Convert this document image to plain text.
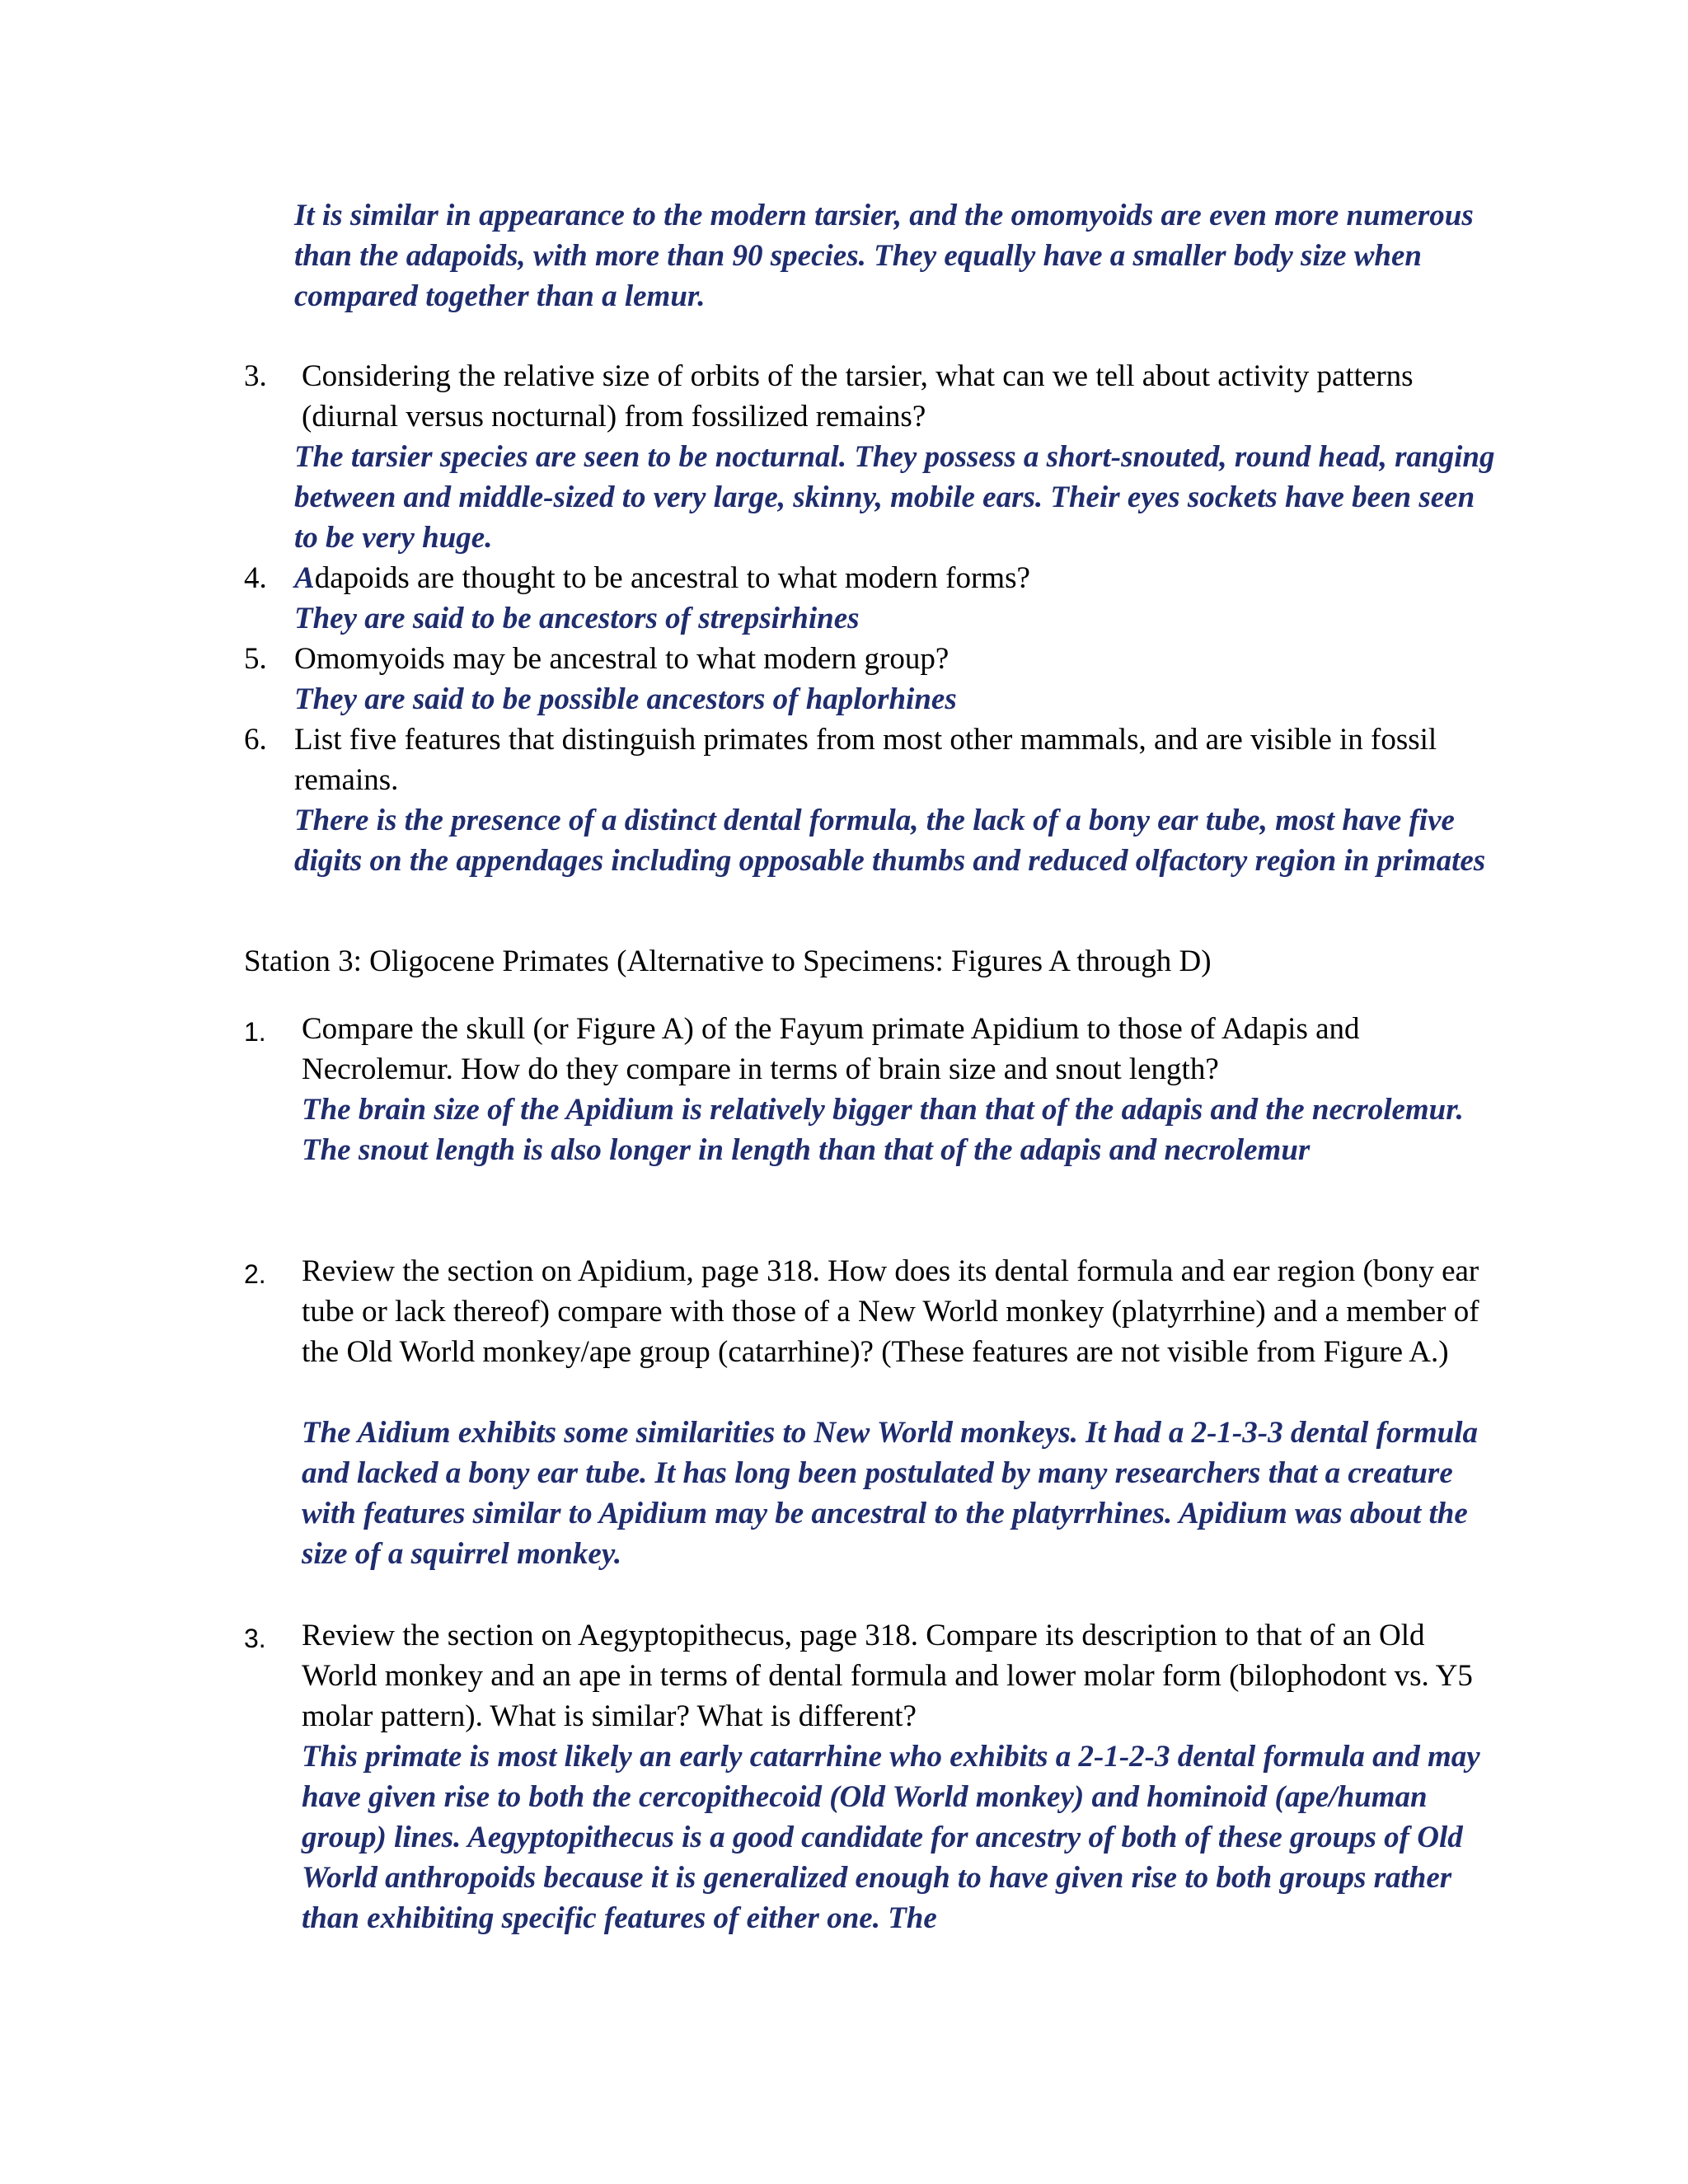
It is similar in appearance to the modern tarsier, and the omomyoids are even more numerous than the adapoids, with more than 90 species. They equally have a smaller body size when compared together than a lemur.

3. Considering the relative size of orbits of the tarsier, what can we tell about activity patterns (diurnal versus nocturnal) from fossilized remains?

The tarsier species are seen to be nocturnal. They possess a short-snouted, round head, ranging between and middle-sized to very large, skinny, mobile ears. Their eyes sockets have been seen to be very huge.

4. Adapoids are thought to be ancestral to what modern forms?

They are said to be ancestors of strepsirhines

5. Omomyoids may be ancestral to what modern group?

They are said to be possible ancestors of haplorhines

6. List five features that distinguish primates from most other mammals, and are visible in fossil remains.

There is the presence of a distinct dental formula, the lack of a bony ear tube, most have five digits on the appendages including opposable thumbs and reduced olfactory region in primates

Station 3: Oligocene Primates (Alternative to Specimens: Figures A through D)

1. Compare the skull (or Figure A) of the Fayum primate Apidium to those of Adapis and Necrolemur. How do they compare in terms of brain size and snout length?

The brain size of the Apidium is relatively bigger than that of the adapis and the necrolemur. The snout length is also longer in length than that of the adapis and necrolemur

2. Review the section on Apidium, page 318. How does its dental formula and ear region (bony ear tube or lack thereof) compare with those of a New World monkey (platyrrhine) and a member of the Old World monkey/ape group (catarrhine)? (These features are not visible from Figure A.)

The Aidium exhibits some similarities to New World monkeys. It had a 2-1-3-3 dental formula and lacked a bony ear tube. It has long been postulated by many researchers that a creature with features similar to Apidium may be ancestral to the platyrrhines. Apidium was about the size of a squirrel monkey.

3. Review the section on Aegyptopithecus, page 318. Compare its description to that of an Old World monkey and an ape in terms of dental formula and lower molar form (bilophodont vs. Y5 molar pattern). What is similar? What is different?

This primate is most likely an early catarrhine who exhibits a 2-1-2-3 dental formula and may have given rise to both the cercopithecoid (Old World monkey) and hominoid (ape/human group) lines. Aegyptopithecus is a good candidate for ancestry of both of these groups of Old World anthropoids because it is generalized enough to have given rise to both groups rather than exhibiting specific features of either one. The
